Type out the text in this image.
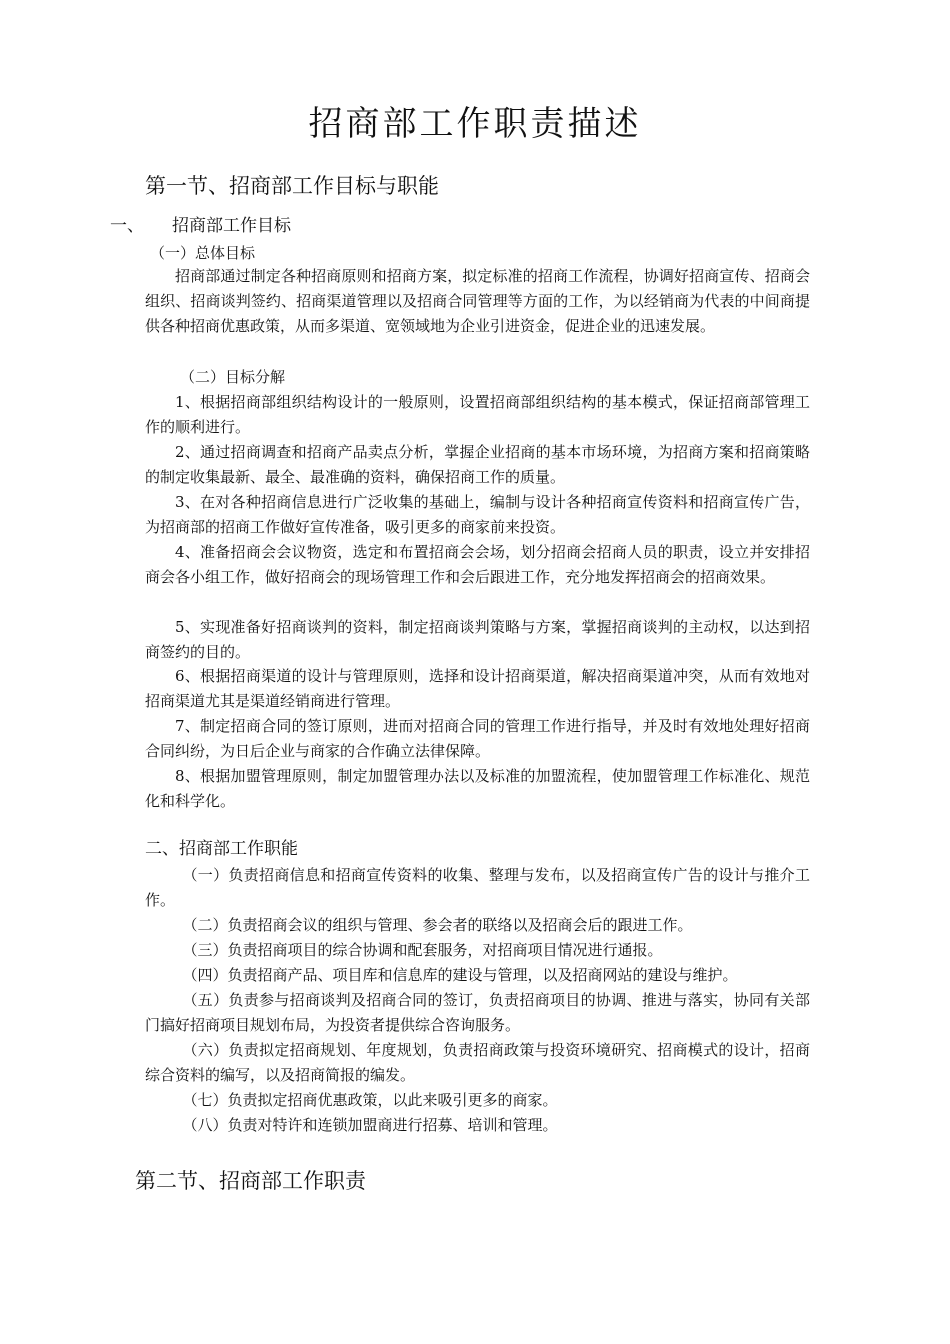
招商部工作职责描述
第一节、招商部工作目标与职能
一、 招商部工作目标
（一）总体目标

招商部通过制定各种招商原则和招商方案，拟定标准的招商工作流程，协调好招商宣传、招商会组织、招商谈判签约、招商渠道管理以及招商合同管理等方面的工作，为以经销商为代表的中间商提供各种招商优惠政策，从而多渠道、宽领域地为企业引进资金，促进企业的迅速发展。

（二）目标分解

1、根据招商部组织结构设计的一般原则，设置招商部组织结构的基本模式，保证招商部管理工作的顺利进行。

2、通过招商调查和招商产品卖点分析，掌握企业招商的基本市场环境，为招商方案和招商策略的制定收集最新、最全、最准确的资料，确保招商工作的质量。

3、在对各种招商信息进行广泛收集的基础上，编制与设计各种招商宣传资料和招商宣传广告，为招商部的招商工作做好宣传准备，吸引更多的商家前来投资。

4、准备招商会会议物资，选定和布置招商会会场，划分招商会招商人员的职责，设立并安排招商会各小组工作，做好招商会的现场管理工作和会后跟进工作，充分地发挥招商会的招商效果。

5、实现准备好招商谈判的资料，制定招商谈判策略与方案，掌握招商谈判的主动权，以达到招商签约的目的。

6、根据招商渠道的设计与管理原则，选择和设计招商渠道，解决招商渠道冲突，从而有效地对招商渠道尤其是渠道经销商进行管理。

7、制定招商合同的签订原则，进而对招商合同的管理工作进行指导，并及时有效地处理好招商合同纠纷，为日后企业与商家的合作确立法律保障。

8、根据加盟管理原则，制定加盟管理办法以及标准的加盟流程，使加盟管理工作标准化、规范化和科学化。

二、招商部工作职能

（一）负责招商信息和招商宣传资料的收集、整理与发布，以及招商宣传广告的设计与推介工作。

（二）负责招商会议的组织与管理、参会者的联络以及招商会后的跟进工作。

（三）负责招商项目的综合协调和配套服务，对招商项目情况进行通报。

（四）负责招商产品、项目库和信息库的建设与管理，以及招商网站的建设与维护。

（五）负责参与招商谈判及招商合同的签订，负责招商项目的协调、推进与落实，协同有关部门搞好招商项目规划布局，为投资者提供综合咨询服务。

（六）负责拟定招商规划、年度规划，负责招商政策与投资环境研究、招商模式的设计，招商综合资料的编写，以及招商简报的编发。

（七）负责拟定招商优惠政策，以此来吸引更多的商家。

（八）负责对特许和连锁加盟商进行招募、培训和管理。

第二节、招商部工作职责
